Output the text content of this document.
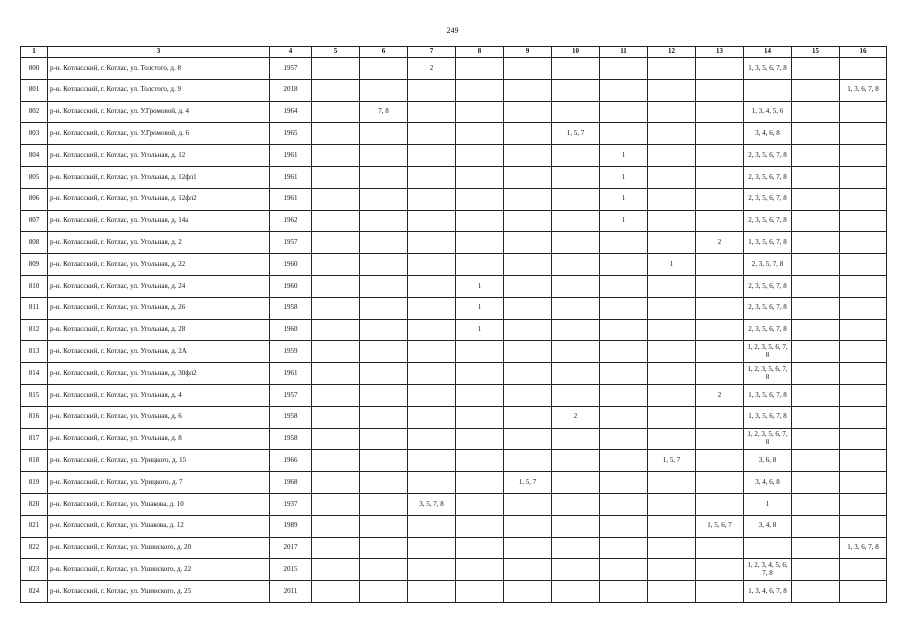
249
1	3	4	5	6	7	8	9	10	11	12	13	14	15	16
800	р-н. Котласский, г. Котлас, ул. Толстого, д. 8	1957			2							1, 3, 5, 6, 7, 8		
801	р-н. Котласский, г. Котлас, ул. Толстого, д. 9	2018												1, 3, 6, 7, 8
802	р-н. Котласский, г. Котлас, ул. У.Громовой, д. 4	1964		7, 8								1, 3, 4, 5, 6		
803	р-н. Котласский, г. Котлас, ул. У.Громовой, д. 6	1965						1, 5, 7				3, 4, 6, 8		
804	р-н. Котласский, г. Котлас, ул. Угольная, д. 12	1961							1			2, 3, 5, 6, 7, 8		
805	р-н. Котласский, г. Котлас, ул. Угольная, д. 12фл1	1961							1			2, 3, 5, 6, 7, 8		
806	р-н. Котласский, г. Котлас, ул. Угольная, д. 12фл2	1961							1			2, 3, 5, 6, 7, 8		
807	р-н. Котласский, г. Котлас, ул. Угольная, д. 14а	1962							1			2, 3, 5, 6, 7, 8		
808	р-н. Котласский, г. Котлас, ул. Угольная, д. 2	1957									2	1, 3, 5, 6, 7, 8		
809	р-н. Котласский, г. Котлас, ул. Угольная, д. 22	1960								1		2, 3, 5, 7, 8		
810	р-н. Котласский, г. Котлас, ул. Угольная, д. 24	1960				1						2, 3, 5, 6, 7, 8		
811	р-н. Котласский, г. Котлас, ул. Угольная, д. 26	1958				1						2, 3, 5, 6, 7, 8		
812	р-н. Котласский, г. Котлас, ул. Угольная, д. 28	1960				1						2, 3, 5, 6, 7, 8		
813	р-н. Котласский, г. Котлас, ул. Угольная, д. 2А	1959										1, 2, 3, 5, 6, 7, 8		
814	р-н. Котласский, г. Котлас, ул. Угольная, д. 30фл2	1961										1, 2, 3, 5, 6, 7, 8		
815	р-н. Котласский, г. Котлас, ул. Угольная, д. 4	1957									2	1, 3, 5, 6, 7, 8		
816	р-н. Котласский, г. Котлас, ул. Угольная, д. 6	1958						2				1, 3, 5, 6, 7, 8		
817	р-н. Котласский, г. Котлас, ул. Угольная, д. 8	1958										1, 2, 3, 5, 6, 7, 8		
818	р-н. Котласский, г. Котлас, ул. Урицкого, д. 15	1966								1, 5, 7		3, 6, 8		
819	р-н. Котласский, г. Котлас, ул. Урицкого, д. 7	1968					1, 5, 7					3, 4, 6, 8		
820	р-н. Котласский, г. Котлас, ул. Ушакова, д. 10	1937			3, 5, 7, 8							1		
821	р-н. Котласский, г. Котлас, ул. Ушакова, д. 12	1989									1, 5, 6, 7	3, 4, 8		
822	р-н. Котласский, г. Котлас, ул. Ушинского, д. 20	2017												1, 3, 6, 7, 8
823	р-н. Котласский, г. Котлас, ул. Ушинского, д. 22	2015										1, 2, 3, 4, 5, 6, 7, 8		
824	р-н. Котласский, г. Котлас, ул. Ушинского, д. 25	2011										1, 3, 4, 6, 7, 8		
